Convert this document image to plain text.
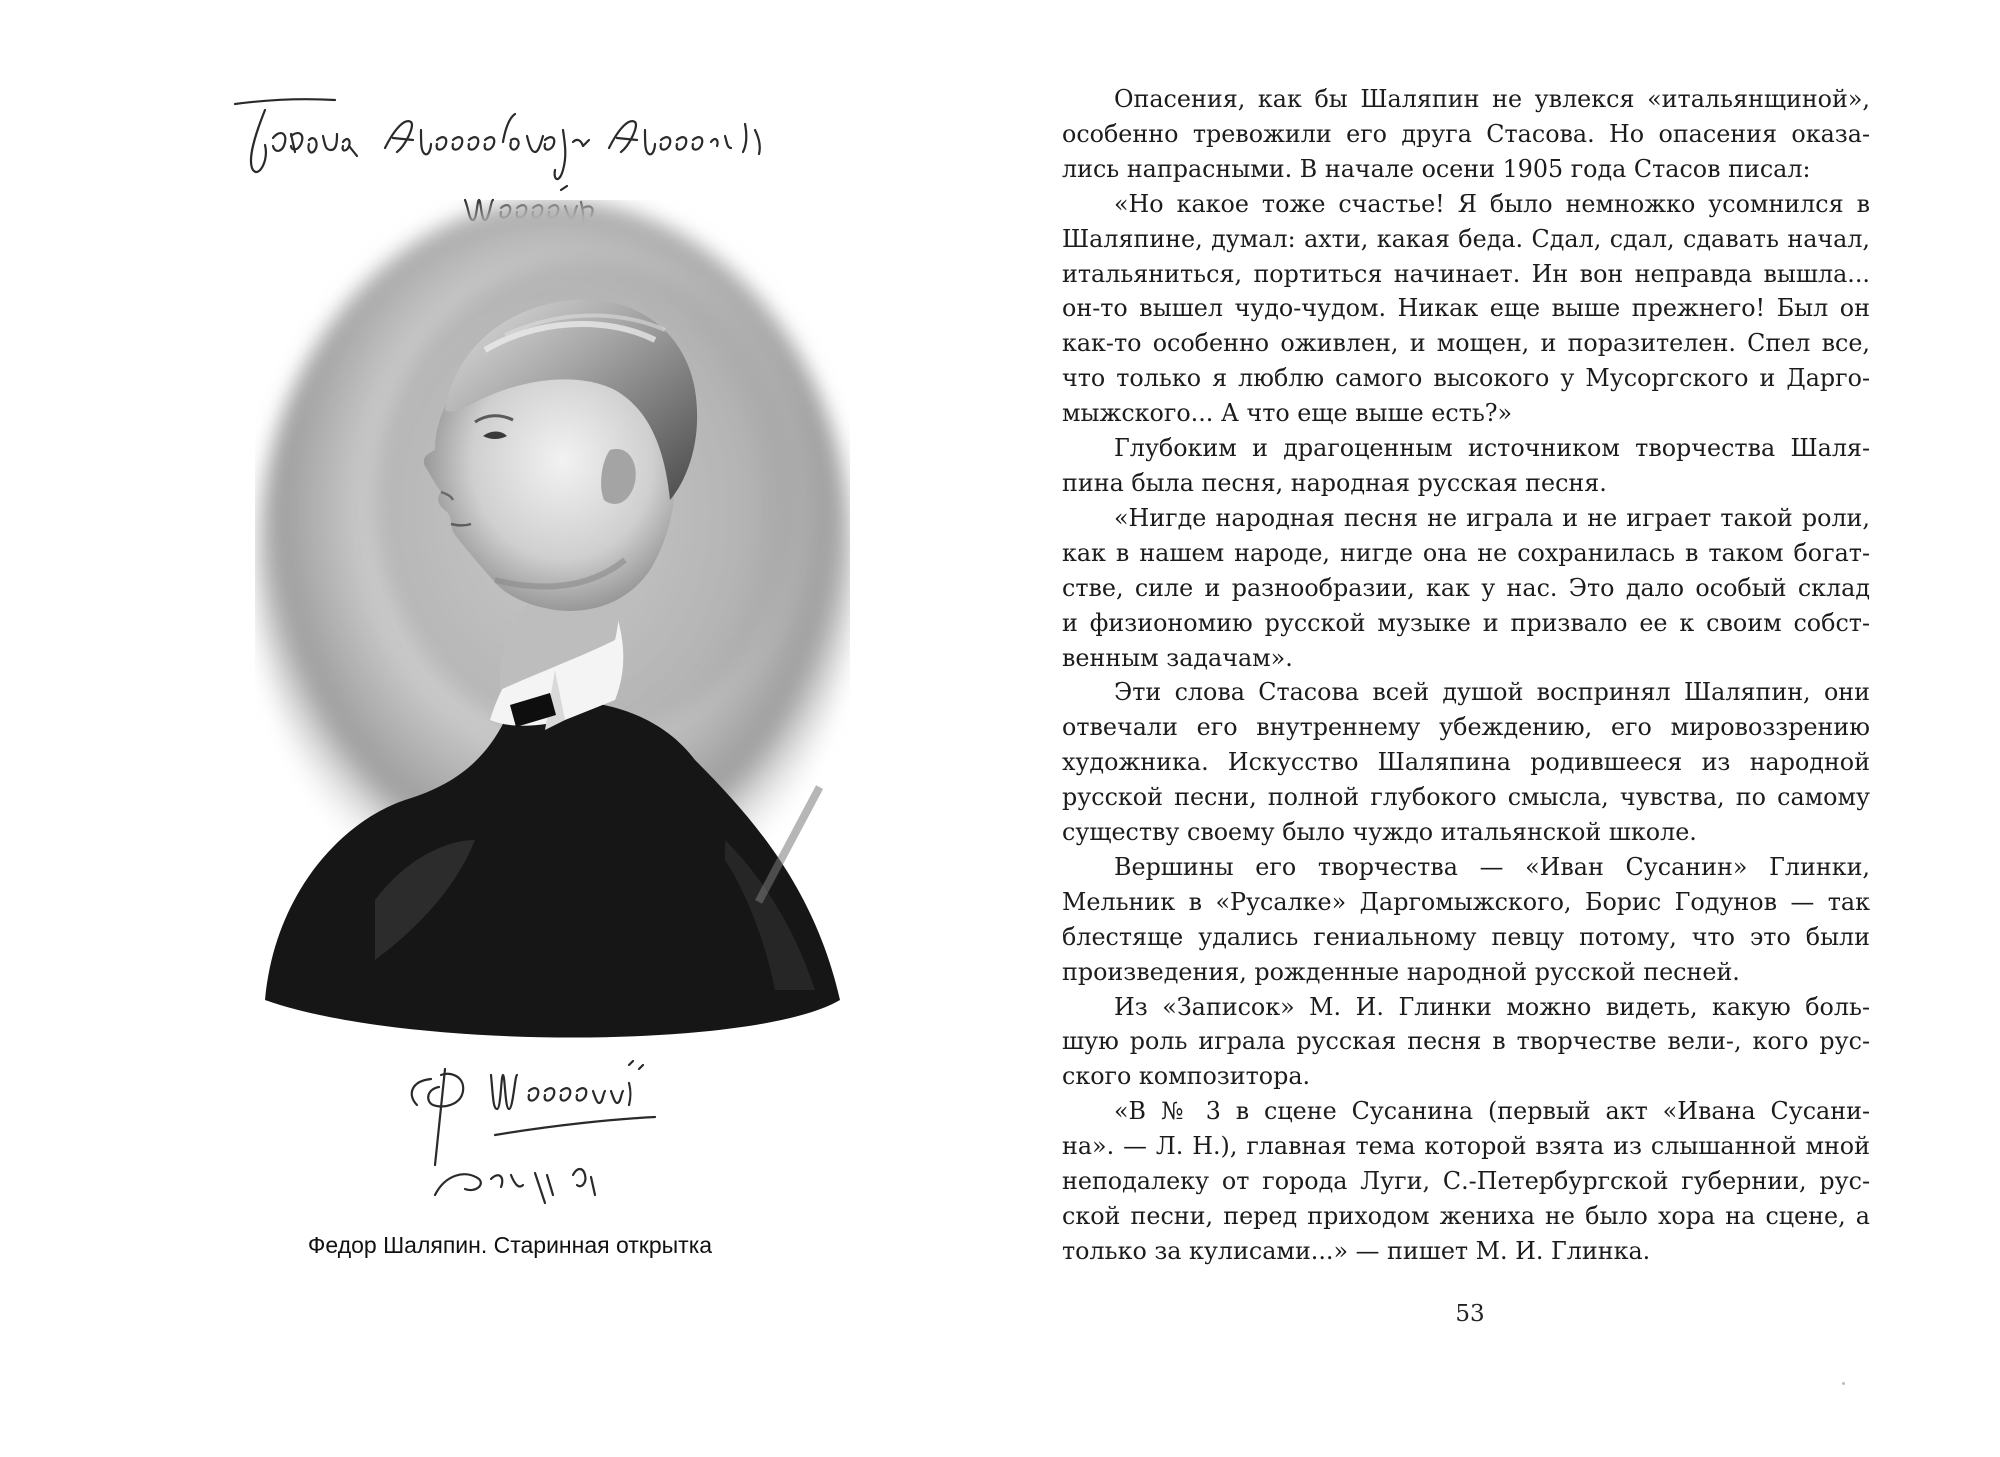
Федор Шаляпин. Старинная открытка
Опасения, как бы Шаляпин не увлекся «итальянщиной»,
особенно тревожили его друга Стасова. Но опасения оказа-
лись напрасными. В начале осени 1905 года Стасов писал:
«Но какое тоже счастье! Я было немножко усомнился в
Шаляпине, думал: ахти, какая беда. Сдал, сдал, сдавать начал,
итальяниться, портиться начинает. Ин вон неправда вышла...
он-то вышел чудо-чудом. Никак еще выше прежнего! Был он
как-то особенно оживлен, и мощен, и поразителен. Спел все,
что только я люблю самого высокого у Мусоргского и Дарго-
мыжского... А что еще выше есть?»
Глубоким и драгоценным источником творчества Шаля-
пина была песня, народная русская песня.
«Нигде народная песня не играла и не играет такой роли,
как в нашем народе, нигде она не сохранилась в таком богат-
стве, силе и разнообразии, как у нас. Это дало особый склад
и физиономию русской музыке и призвало ее к своим собст-
венным задачам».
Эти слова Стасова всей душой воспринял Шаляпин, они
отвечали его внутреннему убеждению, его мировоззрению
художника. Искусство Шаляпина родившееся из народной
русской песни, полной глубокого смысла, чувства, по самому
существу своему было чуждо итальянской школе.
Вершины его творчества — «Иван Сусанин» Глинки,
Мельник в «Русалке» Даргомыжского, Борис Годунов — так
блестяще удались гениальному певцу потому, что это были
произведения, рожденные народной русской песней.
Из «Записок» М. И. Глинки можно видеть, какую боль-
шую роль играла русская песня в творчестве вели-, кого рус-
ского композитора.
«В № 3 в сцене Сусанина (первый акт «Ивана Сусани-
на». — Л. Н.), главная тема которой взята из слышанной мной
неподалеку от города Луги, С.-Петербургской губернии, рус-
ской песни, перед приходом жениха не было хора на сцене, а
только за кулисами...» — пишет М. И. Глинка.
53
